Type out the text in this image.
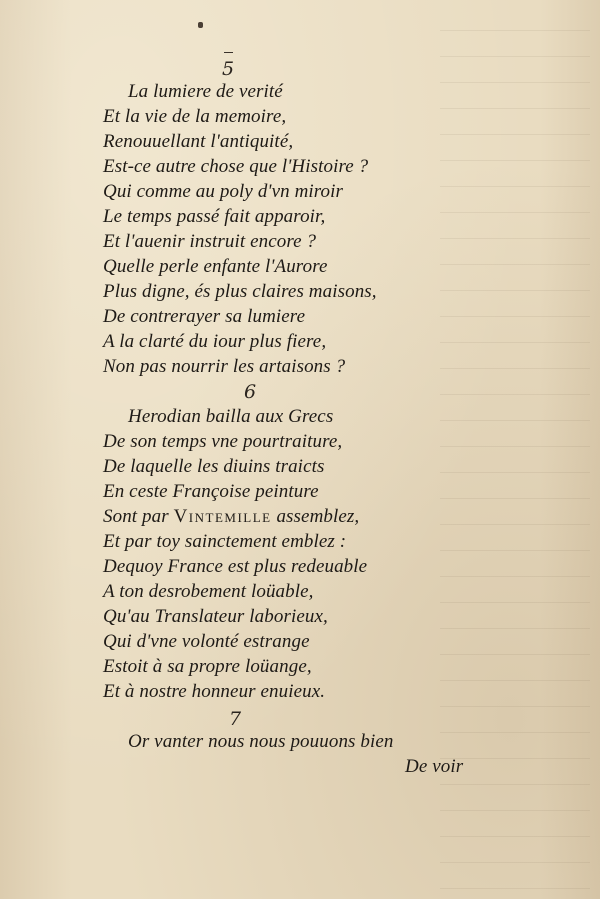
5
La lumiere de verité
Et la vie de la memoire,
Renouuellant l'antiquité,
Est-ce autre chose que l'Histoire ?
Qui comme au poly d'vn miroir
Le temps passé fait apparoir,
Et l'auenir instruit encore ?
Quelle perle enfante l'Aurore
Plus digne, és plus claires maisons,
De contrerayer sa lumiere
A la clarté du iour plus fiere,
Non pas nourrir les artaisons ?
6
Herodian bailla aux Grecs
De son temps vne pourtraiture,
De laquelle les diuins traicts
En ceste Françoise peinture
Sont par Vintemille assemblez,
Et par toy sainctement emblez :
Dequoy France est plus redeuable
A ton desrobement loüable,
Qu'au Translateur laborieux,
Qui d'vne volonté estrange
Estoit à sa propre loüange,
Et à nostre honneur enuieux.
7
Or vanter nous nous pouuons bien
De voir
